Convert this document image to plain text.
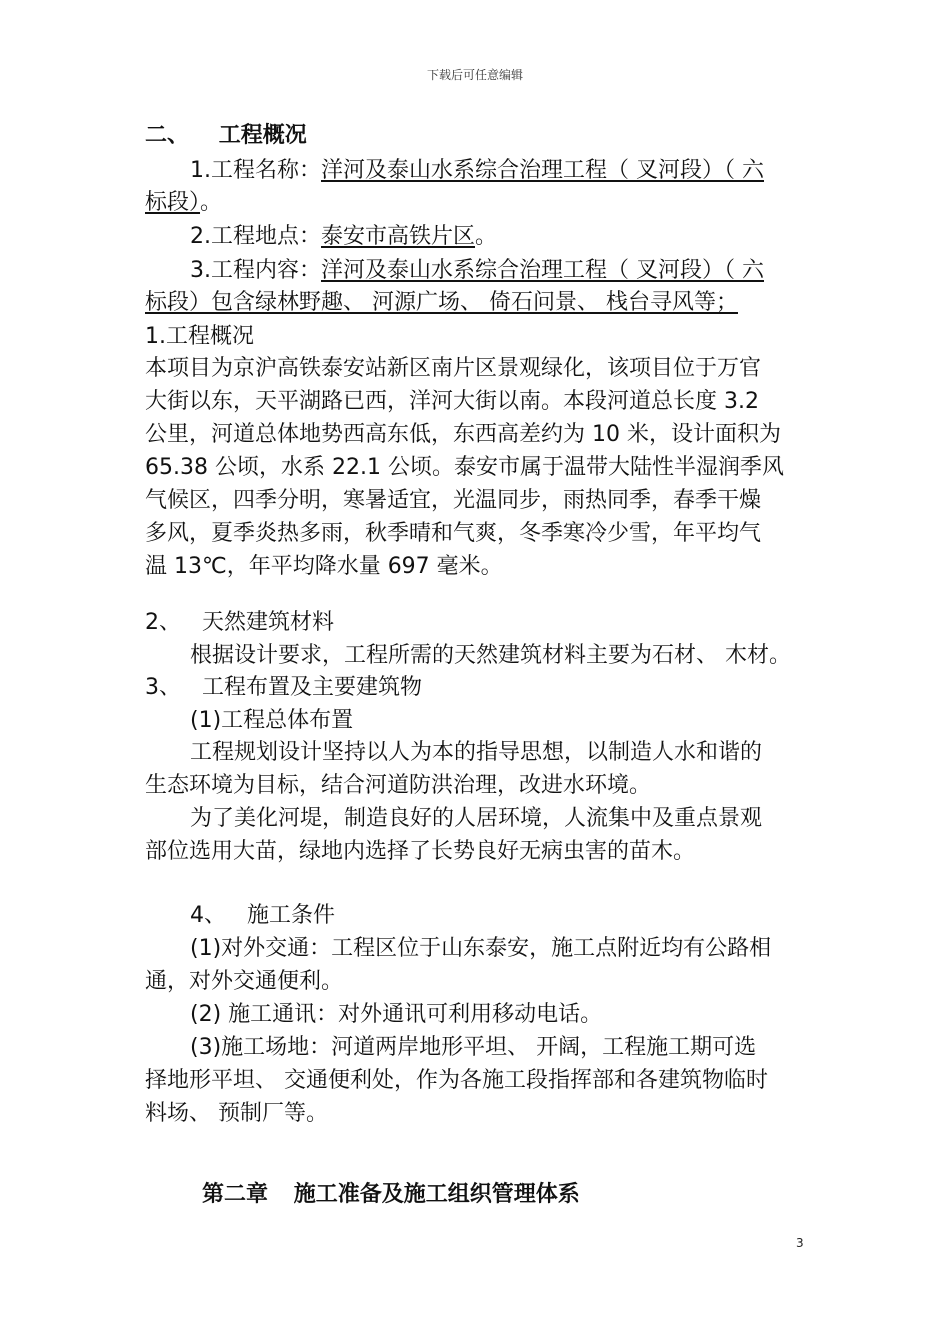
下载后可任意编辑
二、 工程概况
1.工程名称：洋河及泰山水系综合治理工程（ 叉河段）（ 六
标段）。
2.工程地点：泰安市高铁片区。
3.工程内容：洋河及泰山水系综合治理工程（ 叉河段）（ 六
标段）包含绿林野趣、 河源广场、 倚石问景、 栈台寻风等；
1.工程概况
本项目为京沪高铁泰安站新区南片区景观绿化，该项目位于万官
大街以东，天平湖路已西，洋河大街以南。本段河道总长度 3.2
公里，河道总体地势西高东低，东西高差约为 10 米，设计面积为
65.38 公顷，水系 22.1 公顷。泰安市属于温带大陆性半湿润季风
气候区，四季分明，寒暑适宜，光温同步，雨热同季，春季干燥
多风，夏季炎热多雨，秋季晴和气爽，冬季寒冷少雪，年平均气
温 13℃，年平均降水量 697 毫米。
2、 天然建筑材料
根据设计要求，工程所需的天然建筑材料主要为石材、 木材。
3、 工程布置及主要建筑物
(1)工程总体布置
工程规划设计坚持以人为本的指导思想，以制造人水和谐的
生态环境为目标，结合河道防洪治理，改进水环境。
为了美化河堤，制造良好的人居环境，人流集中及重点景观
部位选用大苗，绿地内选择了长势良好无病虫害的苗木。
4、 施工条件
(1)对外交通：工程区位于山东泰安，施工点附近均有公路相
通，对外交通便利。
(2) 施工通讯：对外通讯可利用移动电话。
(3)施工场地：河道两岸地形平坦、 开阔，工程施工期可选
择地形平坦、 交通便利处，作为各施工段指挥部和各建筑物临时
料场、 预制厂等。
第二章 施工准备及施工组织管理体系
3
